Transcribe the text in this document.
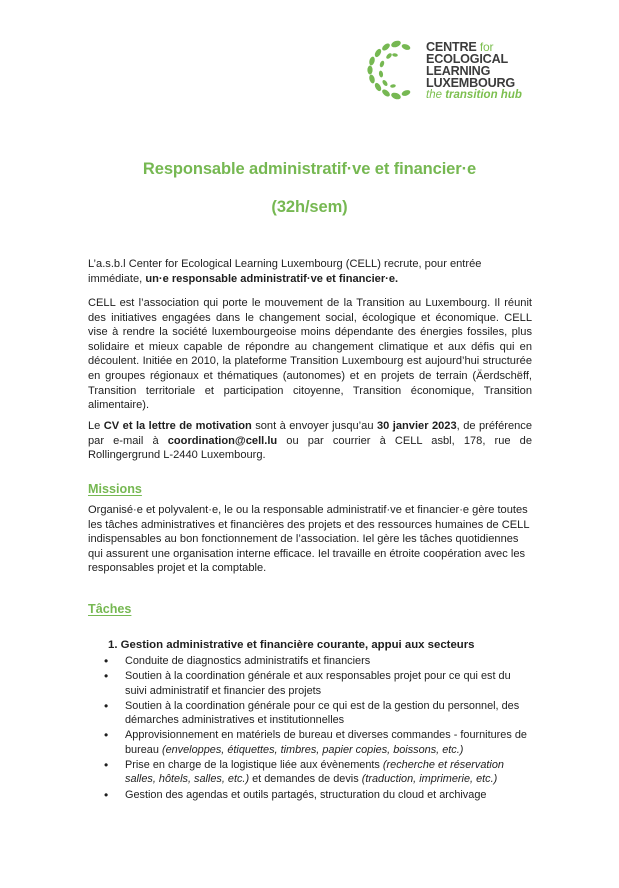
CENTRE for
ECOLOGICAL
LEARNING
LUXEMBOURG
the transition hub
Responsable administratif·ve et financier·e
(32h/sem)

L’a.s.b.l Center for Ecological Learning Luxembourg (CELL) recrute, pour entrée immédiate, un·e responsable administratif·ve et financier·e.

CELL est l’association qui porte le mouvement de la Transition au Luxembourg. Il réunit des initiatives engagées dans le changement social, écologique et économique. CELL vise à rendre la société luxembourgeoise moins dépendante des énergies fossiles, plus solidaire et mieux capable de répondre au changement climatique et aux défis qui en découlent. Initiée en 2010, la plateforme Transition Luxembourg est aujourd’hui structurée en groupes régionaux et thématiques (autonomes) et en projets de terrain (Äerdschëff, Transition territoriale et participation citoyenne, Transition économique, Transition alimentaire).

Le CV et la lettre de motivation sont à envoyer jusqu’au 30 janvier 2023, de préférence par e-mail à coordination@cell.lu ou par courrier à CELL asbl, 178, rue de Rollingergrund L-2440 Luxembourg.

Missions

Organisé·e et polyvalent·e, le ou la responsable administratif·ve et financier·e gère toutes les tâches administratives et financières des projets et des ressources humaines de CELL indispensables au bon fonctionnement de l’association. Iel gère les tâches quotidiennes qui assurent une organisation interne efficace. Iel travaille en étroite coopération avec les responsables projet et la comptable.

Tâches
1. Gestion administrative et financière courante, appui aux secteurs
• Conduite de diagnostics administratifs et financiers
• Soutien à la coordination générale et aux responsables projet pour ce qui est du suivi administratif et financier des projets
• Soutien à la coordination générale pour ce qui est de la gestion du personnel, des démarches administratives et institutionnelles
• Approvisionnement en matériels de bureau et diverses commandes - fournitures de bureau (enveloppes, étiquettes, timbres, papier copies, boissons, etc.)
• Prise en charge de la logistique liée aux évènements (recherche et réservation salles, hôtels, salles, etc.) et demandes de devis (traduction, imprimerie, etc.)
• Gestion des agendas et outils partagés, structuration du cloud et archivage
